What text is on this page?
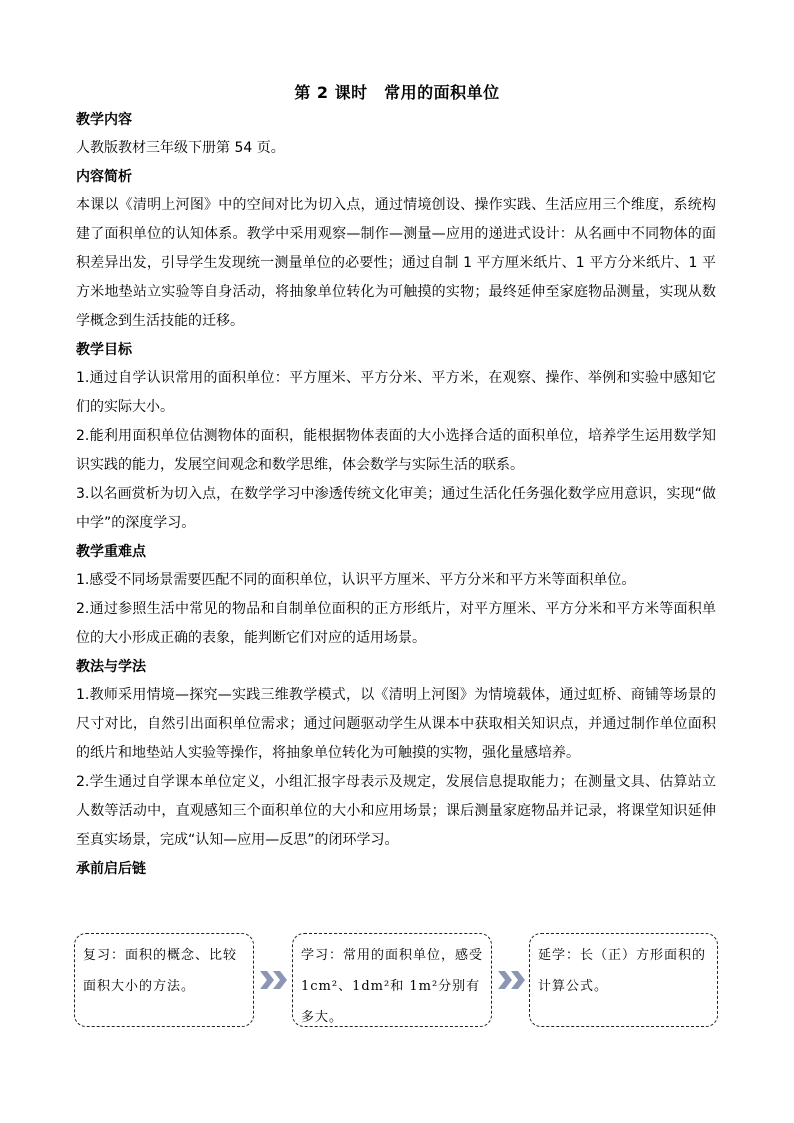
第 2 课时　常用的面积单位

教学内容

人教版教材三年级下册第 54 页。

内容简析

本课以《清明上河图》中的空间对比为切入点，通过情境创设、操作实践、生活应用三个维度，系统构建了面积单位的认知体系。教学中采用观察—制作—测量—应用的递进式设计：从名画中不同物体的面积差异出发，引导学生发现统一测量单位的必要性；通过自制 1 平方厘米纸片、1 平方分米纸片、1 平方米地垫站立实验等自身活动，将抽象单位转化为可触摸的实物；最终延伸至家庭物品测量，实现从数学概念到生活技能的迁移。

教学目标

1.通过自学认识常用的面积单位：平方厘米、平方分米、平方米，在观察、操作、举例和实验中感知它们的实际大小。

2.能利用面积单位估测物体的面积，能根据物体表面的大小选择合适的面积单位，培养学生运用数学知识实践的能力，发展空间观念和数学思维，体会数学与实际生活的联系。

3.以名画赏析为切入点，在数学学习中渗透传统文化审美；通过生活化任务强化数学应用意识，实现“做中学”的深度学习。

教学重难点

1.感受不同场景需要匹配不同的面积单位，认识平方厘米、平方分米和平方米等面积单位。

2.通过参照生活中常见的物品和自制单位面积的正方形纸片，对平方厘米、平方分米和平方米等面积单位的大小形成正确的表象，能判断它们对应的适用场景。

教法与学法

1.教师采用情境—探究—实践三维教学模式，以《清明上河图》为情境载体，通过虹桥、商铺等场景的尺寸对比，自然引出面积单位需求；通过问题驱动学生从课本中获取相关知识点，并通过制作单位面积的纸片和地垫站人实验等操作，将抽象单位转化为可触摸的实物，强化量感培养。

2.学生通过自学课本单位定义，小组汇报字母表示及规定，发展信息提取能力；在测量文具、估算站立人数等活动中，直观感知三个面积单位的大小和应用场景；课后测量家庭物品并记录，将课堂知识延伸至真实场景，完成“认知—应用—反思”的闭环学习。

承前启后链

复习：面积的概念、比较面积大小的方法。
学习：常用的面积单位，感受 1cm²、1dm²和 1m²分别有多大。
延学：长（正）方形面积的计算公式。
